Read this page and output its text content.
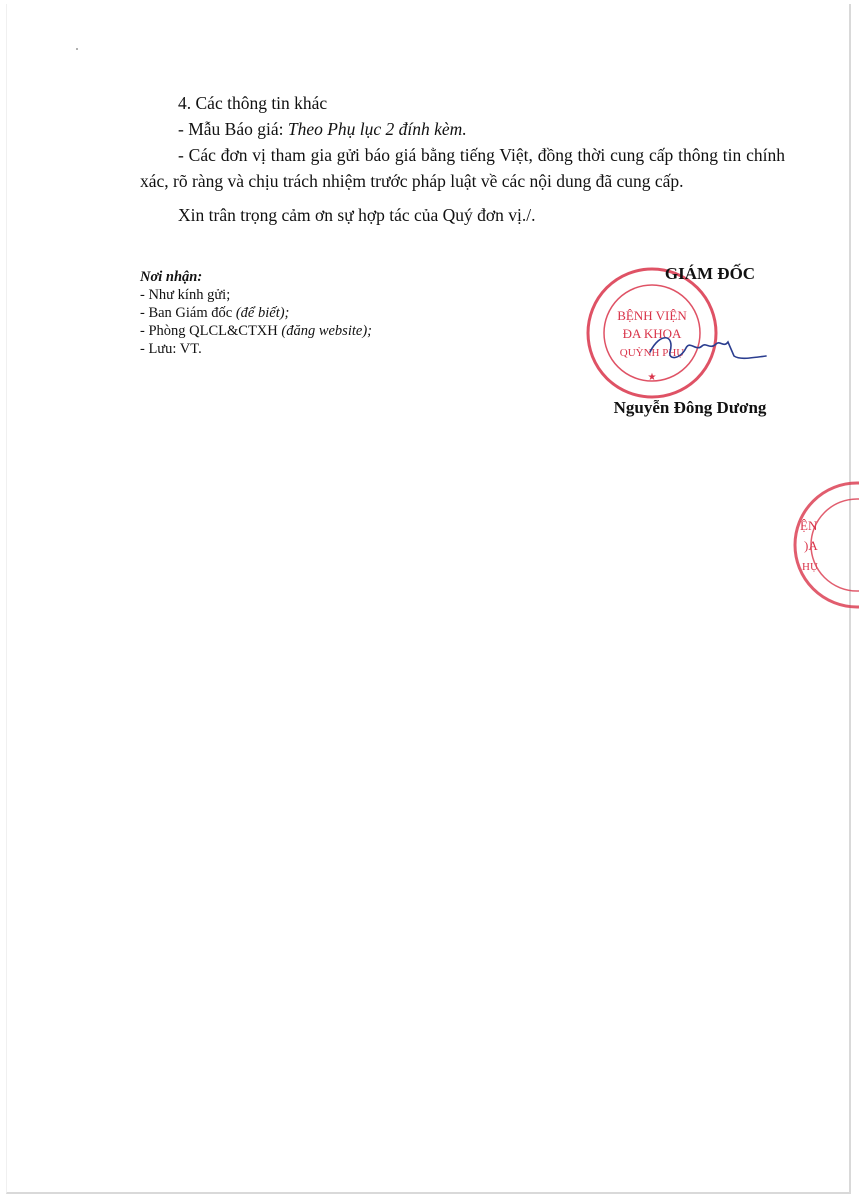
4. Các thông tin khác

- Mẫu Báo giá: Theo Phụ lục 2 đính kèm.

- Các đơn vị tham gia gửi báo giá bằng tiếng Việt, đồng thời cung cấp thông tin chính xác, rõ ràng và chịu trách nhiệm trước pháp luật về các nội dung đã cung cấp.

Xin trân trọng cảm ơn sự hợp tác của Quý đơn vị./.

Nơi nhận:
- Như kính gửi;
- Ban Giám đốc (để biết);
- Phòng QLCL&CTXH (đăng website);
- Lưu: VT.
BỆNH VIỆN
ĐA KHOA
QUỲNH PHỤ
★
GIÁM ĐỐC
Nguyễn Đông Dương
ỆN
)A
HỤ
